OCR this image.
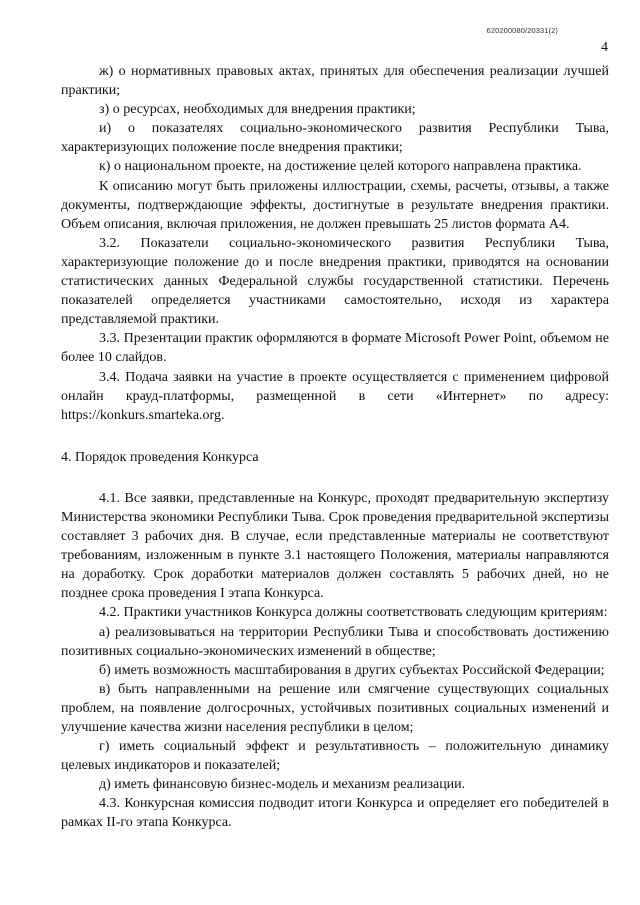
620200080/20331(2)
4

ж) о нормативных правовых актах, принятых для обеспечения реализации лучшей практики;

з) о ресурсах, необходимых для внедрения практики;

и) о показателях социально-экономического развития Республики Тыва, характеризующих положение после внедрения практики;

к) о национальном проекте, на достижение целей которого направлена практика.

К описанию могут быть приложены иллюстрации, схемы, расчеты, отзывы, а также документы, подтверждающие эффекты, достигнутые в результате внедрения практики. Объем описания, включая приложения, не должен превышать 25 листов формата А4.

3.2. Показатели социально-экономического развития Республики Тыва, характеризующие положение до и после внедрения практики, приводятся на основании статистических данных Федеральной службы государственной статистики. Перечень показателей определяется участниками самостоятельно, исходя из характера представляемой практики.

3.3. Презентации практик оформляются в формате Microsoft Power Point, объемом не более 10 слайдов.

3.4. Подача заявки на участие в проекте осуществляется с применением цифровой онлайн крауд-платформы, размещенной в сети «Интернет» по адресу: https://konkurs.smarteka.org.

4. Порядок проведения Конкурса

4.1. Все заявки, представленные на Конкурс, проходят предварительную экспертизу Министерства экономики Республики Тыва. Срок проведения предварительной экспертизы составляет 3 рабочих дня. В случае, если представленные материалы не соответствуют требованиям, изложенным в пункте 3.1 настоящего Положения, материалы направляются на доработку. Срок доработки материалов должен составлять 5 рабочих дней, но не позднее срока проведения I этапа Конкурса.

4.2. Практики участников Конкурса должны соответствовать следующим критериям:

а) реализовываться на территории Республики Тыва и способствовать достижению позитивных социально-экономических изменений в обществе;

б) иметь возможность масштабирования в других субъектах Российской Федерации;

в) быть направленными на решение или смягчение существующих социальных проблем, на появление долгосрочных, устойчивых позитивных социальных изменений и улучшение качества жизни населения республики в целом;

г) иметь социальный эффект и результативность – положительную динамику целевых индикаторов и показателей;

д) иметь финансовую бизнес-модель и механизм реализации.

4.3. Конкурсная комиссия подводит итоги Конкурса и определяет его победителей в рамках II-го этапа Конкурса.
